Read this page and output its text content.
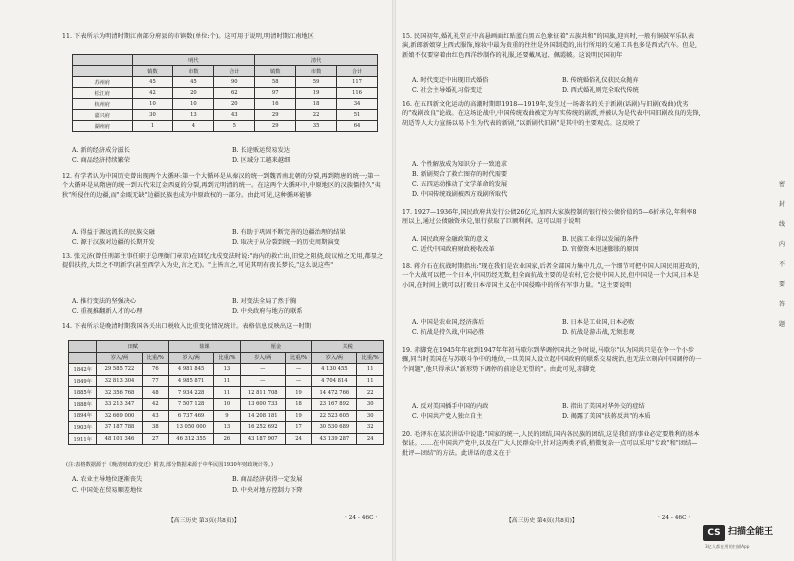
11. 下表所示为明清时期江南部分府县的市镇数(单位:个)。这可用于说明,明清时期江南地区
	明代			清代		
	镇数	市数	合计	镇数	市数	合计
苏州府	45	45	90	58	59	117
松江府	42	20	62	97	19	116
杭州府	10	10	20	16	18	34
嘉兴府	30	13	43	29	22	51
湖州府	1	4	5	29	35	64
A. 新的经济成分滋长	B. 长途贩运贸易发达
C. 商品经济持续繁荣	D. 区域分工越来越细
12. 有学者认为中国历史曾出现两个大循环:第一个大循环是从秦汉的统一到魏晋南北朝的分裂,再到隋唐的统一;第一个大循环是从隋唐的统一到五代宋辽金西夏的分裂,再到元明清的统一。在这两个大循环中,中原地区的汉族僵持久"夷狄"所侵住的边疆,而"金瓯无缺"边疆民族也成为中原政权的一部分。由此可见,这种循环能够
A. 得益于源远流长的民族交融	B. 有助于巩固不断完善的边疆治理的结果
C. 源于汉族对边疆的长期开发	D. 取决于从分裂到统一的历史周期演变
13. 张元济(曾任刑部主事任职于总理衙门章京)在回忆戊戌变法时说:"海内的救亡出,旧党之阻挠,皖议植之无用,都显之提倡扶持,大臣之不明新学(甚至西学入为史,言之无)。"上皆言之,可见其明有夜长梦长,"这么说这些"
A. 推行变法的坚强决心	B. 对变法全局了然于胸
C. 重视推翻新人才的心理	D. 中央政府与地方的联系
14. 下表所示是晚清时期我国各关出口税收入比重变化情况统计。表格信息反映出这一时期
	田赋		盐课		厘金		关税	
	岁入/两	比重/%	岁入/两	比重/%	岁入/两	比重/%	岁入/两	比重/%
1842年	29 585 722	76	4 981 845	13	—	—	4 130 455	11
1849年	32 813 304	77	4 985 871	11	—	—	4 704 814	11
1885年	32 356 768	48	7 934 228	11	12 811 708	19	14 472 766	22
1888年	33 213 347	42	7 507 128	10	13 600 733	18	23 167 892	30
1894年	32 669 000	43	6 737 469	9	14 208 181	19	22 523 605	30
1903年	37 187 788	38	13 050 000	13	16 252 692	17	30 530 689	32
1911年	48 101 346	27	46 312 355	26	43 187 907	24	43 139 287	24
(注:表格数据源于《晚清财政的变迁》附表,部分数据来源于中华民国1930年财政统计等。)
A. 农业主导地位逐渐丧失	B. 商品经济获得一定发展
C. 中国处在贸易顺差地位	D. 中央对地方控制力下降
【高三历史 第3页(共8页)】	· 24 - 46C ·
15. 民国初年,婚礼礼堂正中高悬画面红贴蓝白黑五色象征着"五族共和"的国旗,迎宾时,一般有铜鼓军乐队表演,新郎新娘穿上西式服饰,嫁妆中最为贵重的往往是外国制造的,出行所用的交通工具也多是西式汽车。但是,新娘不仅要穿着由红色西洋纱制作的礼服,还要戴凤冠、佩霞帔。这说明民国初年
A. 时代变迁中出现旧式婚俗	B. 传统婚俗礼仪获民众抛弃
C. 社会主导婚礼习俗变迁	D. 西式婚礼则完全取代传统
16. 在五四新文化运动的高潮时期即1918—1919年,发生过一场著名的关于新剧(话剧)与旧剧(戏曲)优劣的"戏剧改良"论战。在这场论战中,中国传统戏曲被定为写实传统的剧派,并被认为是代表中国旧剧改良的先锋,胡适等人大力宣扬以易卜生为代表的新剧,"以新剧代旧剧"是其中的主要观点。这反映了
A. 个性解放成为知识分子一致追求
B. 新剧契合了救亡图存的时代需要
C. 五四运动推动了文学革命的发展
D. 中国传统戏剧被西方戏剧所取代
17. 1927—1936年,国民政府共发行公债26亿元,加四大家族控制的银行按公债价值的5—6折承兑,年利率8厘以上,通过公债融资承兑,银行获取了巨额利润。这可以用于说明
A. 国民政府金融政策的意义	B. 民族工业得以发展的条件
C. 近代中国政府财政税收改革	D. 官僚资本迅速膨胀的原因
18. 蒋介石在抗战时期指出:"现在我们是农业国家,后者全部国力集中几点,一个细节可把中国人国民用进攻的,一个大战可以把一个日本,中国历经无数,但全面抗战主要的是农村,它会使中国人民,但中国是一个大国,日本是小国,在时间上就可以打败日本帝国主义在中国侵略中的所有军事力量。"这主要说明
A. 中国是农业国,经济落后	B. 日本是工业国,日本必败
C. 抗战是持久战,中国必胜	D. 抗战是游击战,无须悲观
19. 赤脚党在1945年年底到1947年年初马歇尔到华调停国共之争时说,马歇尔"认为国共只是在争一个小步骤,同当时美国在与苏联斗争中的地位,一旦美国人设立起中国政府的联系交易统治,也无法立刻向中国调停的一个问题",他只得承认"新形势下调停的前途是无望的"。由此可见,赤脚党
A. 反对美国插手中国的内政	B. 指出了美国对华外交的症结
C. 中国共产党人独立自主	D. 揭露了美国"扶蒋反共"的本质
20. 毛泽东在某次讲话中说道:"国家的统一,人民的团结,国内各民族的团结,这是我们的事业必定要胜利的基本保证。……在中国共产党中,以及在广大人民群众中,针对这两类矛盾,稍微复杂一点可以采用"专政"和"团结—批评—团结"的方法。此讲话的意义在于
【高三历史 第4页(共8页)】	· 24 - 46C ·
密
封
线
内
不
要
答
题
CS 扫描全能王
3亿人都在用的扫描App
